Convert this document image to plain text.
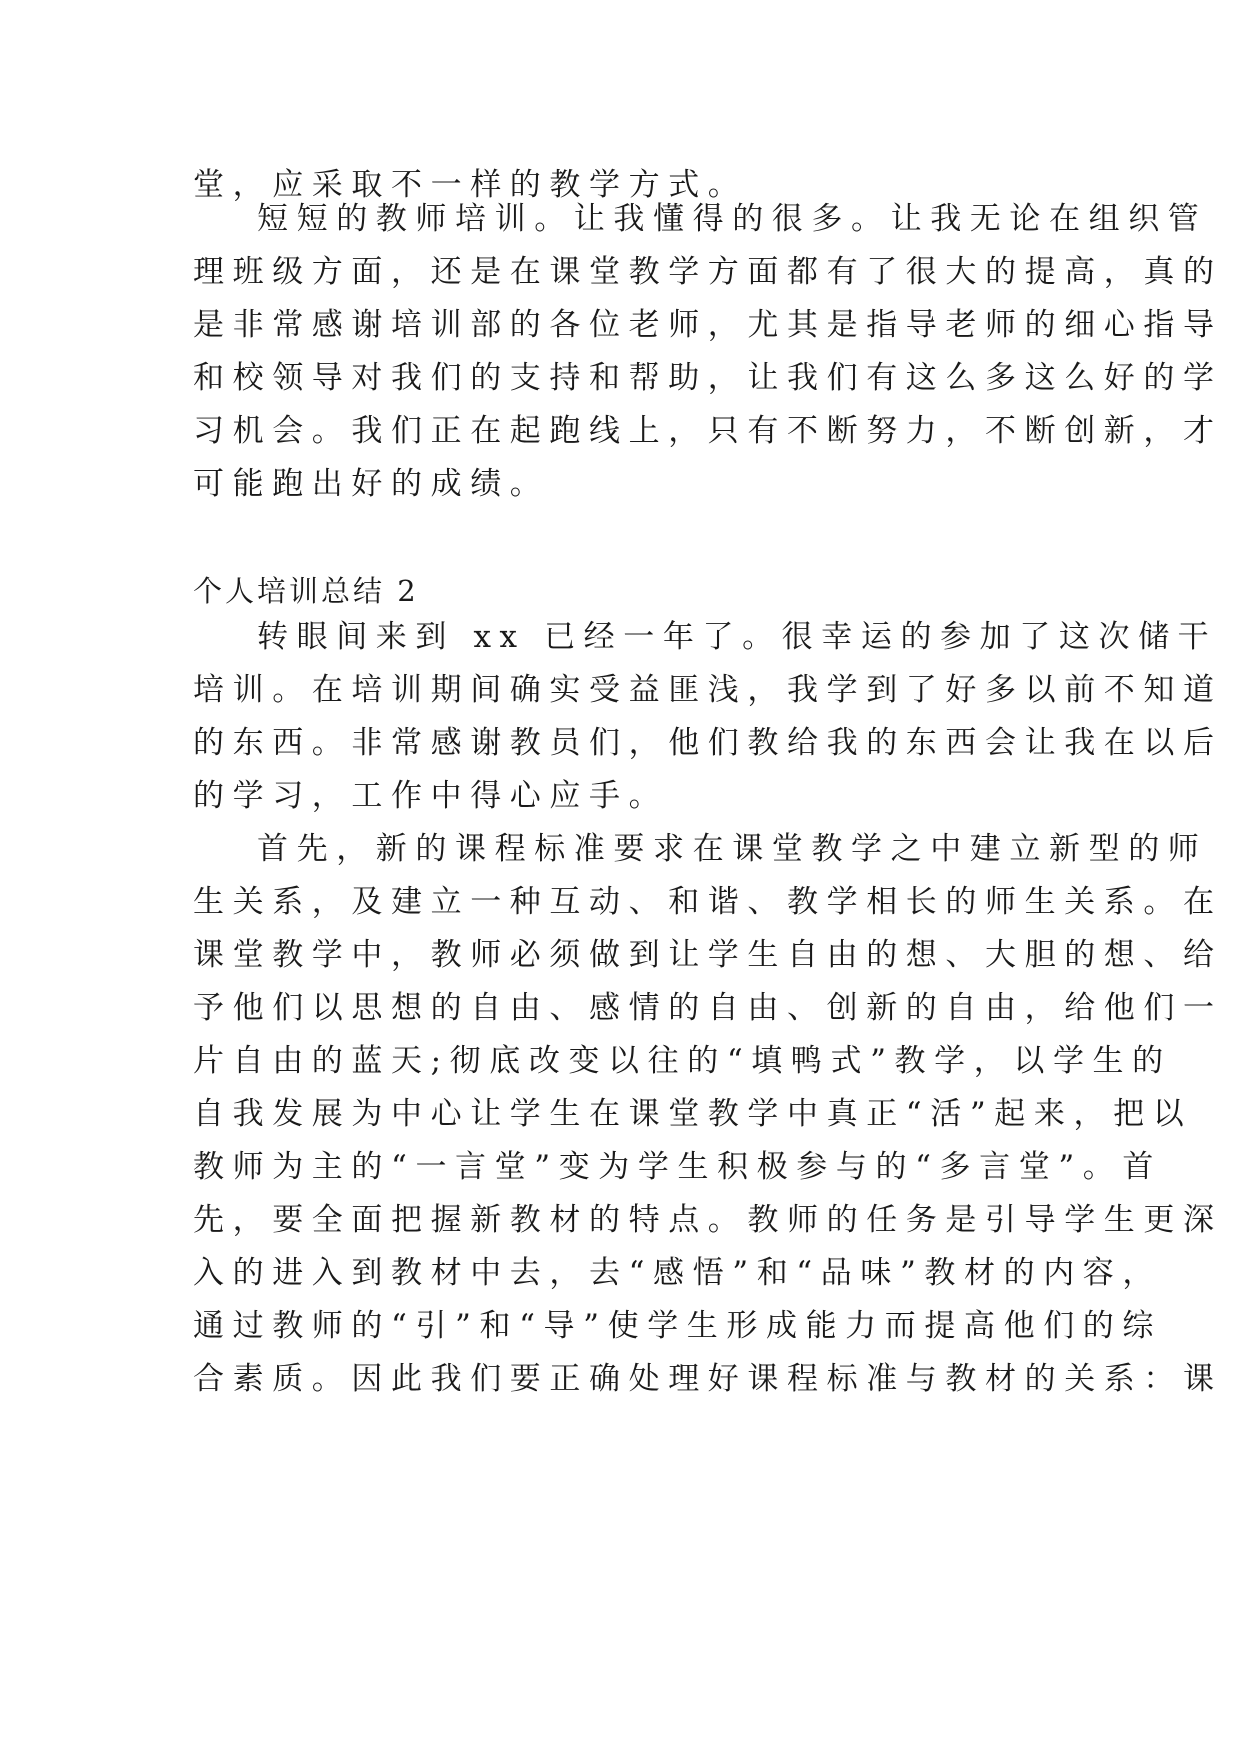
堂，应采取不一样的教学方式。
短短的教师培训。让我懂得的很多。让我无论在组织管
理班级方面，还是在课堂教学方面都有了很大的提高，真的
是非常感谢培训部的各位老师，尤其是指导老师的细心指导
和校领导对我们的支持和帮助，让我们有这么多这么好的学
习机会。我们正在起跑线上，只有不断努力，不断创新，才
可能跑出好的成绩。
个人培训总结 2
转眼间来到 xx 已经一年了。很幸运的参加了这次储干
培训。在培训期间确实受益匪浅，我学到了好多以前不知道
的东西。非常感谢教员们，他们教给我的东西会让我在以后
的学习，工作中得心应手。
首先，新的课程标准要求在课堂教学之中建立新型的师
生关系，及建立一种互动、和谐、教学相长的师生关系。在
课堂教学中，教师必须做到让学生自由的想、大胆的想、给
予他们以思想的自由、感情的自由、创新的自由，给他们一
片自由的蓝天;彻底改变以往的“填鸭式”教学，以学生的
自我发展为中心让学生在课堂教学中真正“活”起来，把以
教师为主的“一言堂”变为学生积极参与的“多言堂”。首
先，要全面把握新教材的特点。教师的任务是引导学生更深
入的进入到教材中去，去“感悟”和“品味”教材的内容，
通过教师的“引”和“导”使学生形成能力而提高他们的综
合素质。因此我们要正确处理好课程标准与教材的关系：课
